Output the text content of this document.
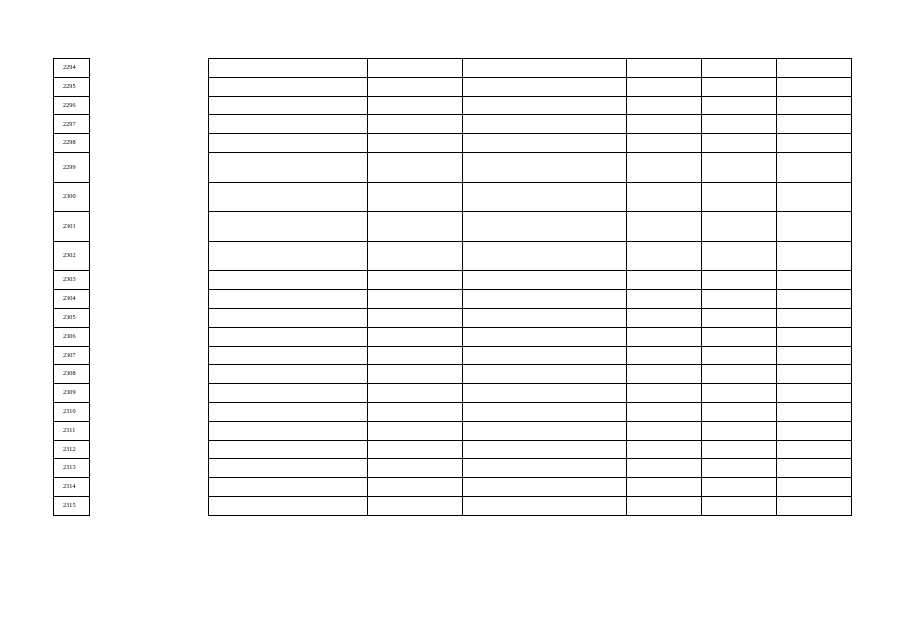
2294							
2295							
2296							
2297							
2298							
2299							
2300							
2301							
2302							
2303							
2304							
2305							
2306							
2307							
2308							
2309							
2310							
2311							
2312							
2313							
2314							
2315							
